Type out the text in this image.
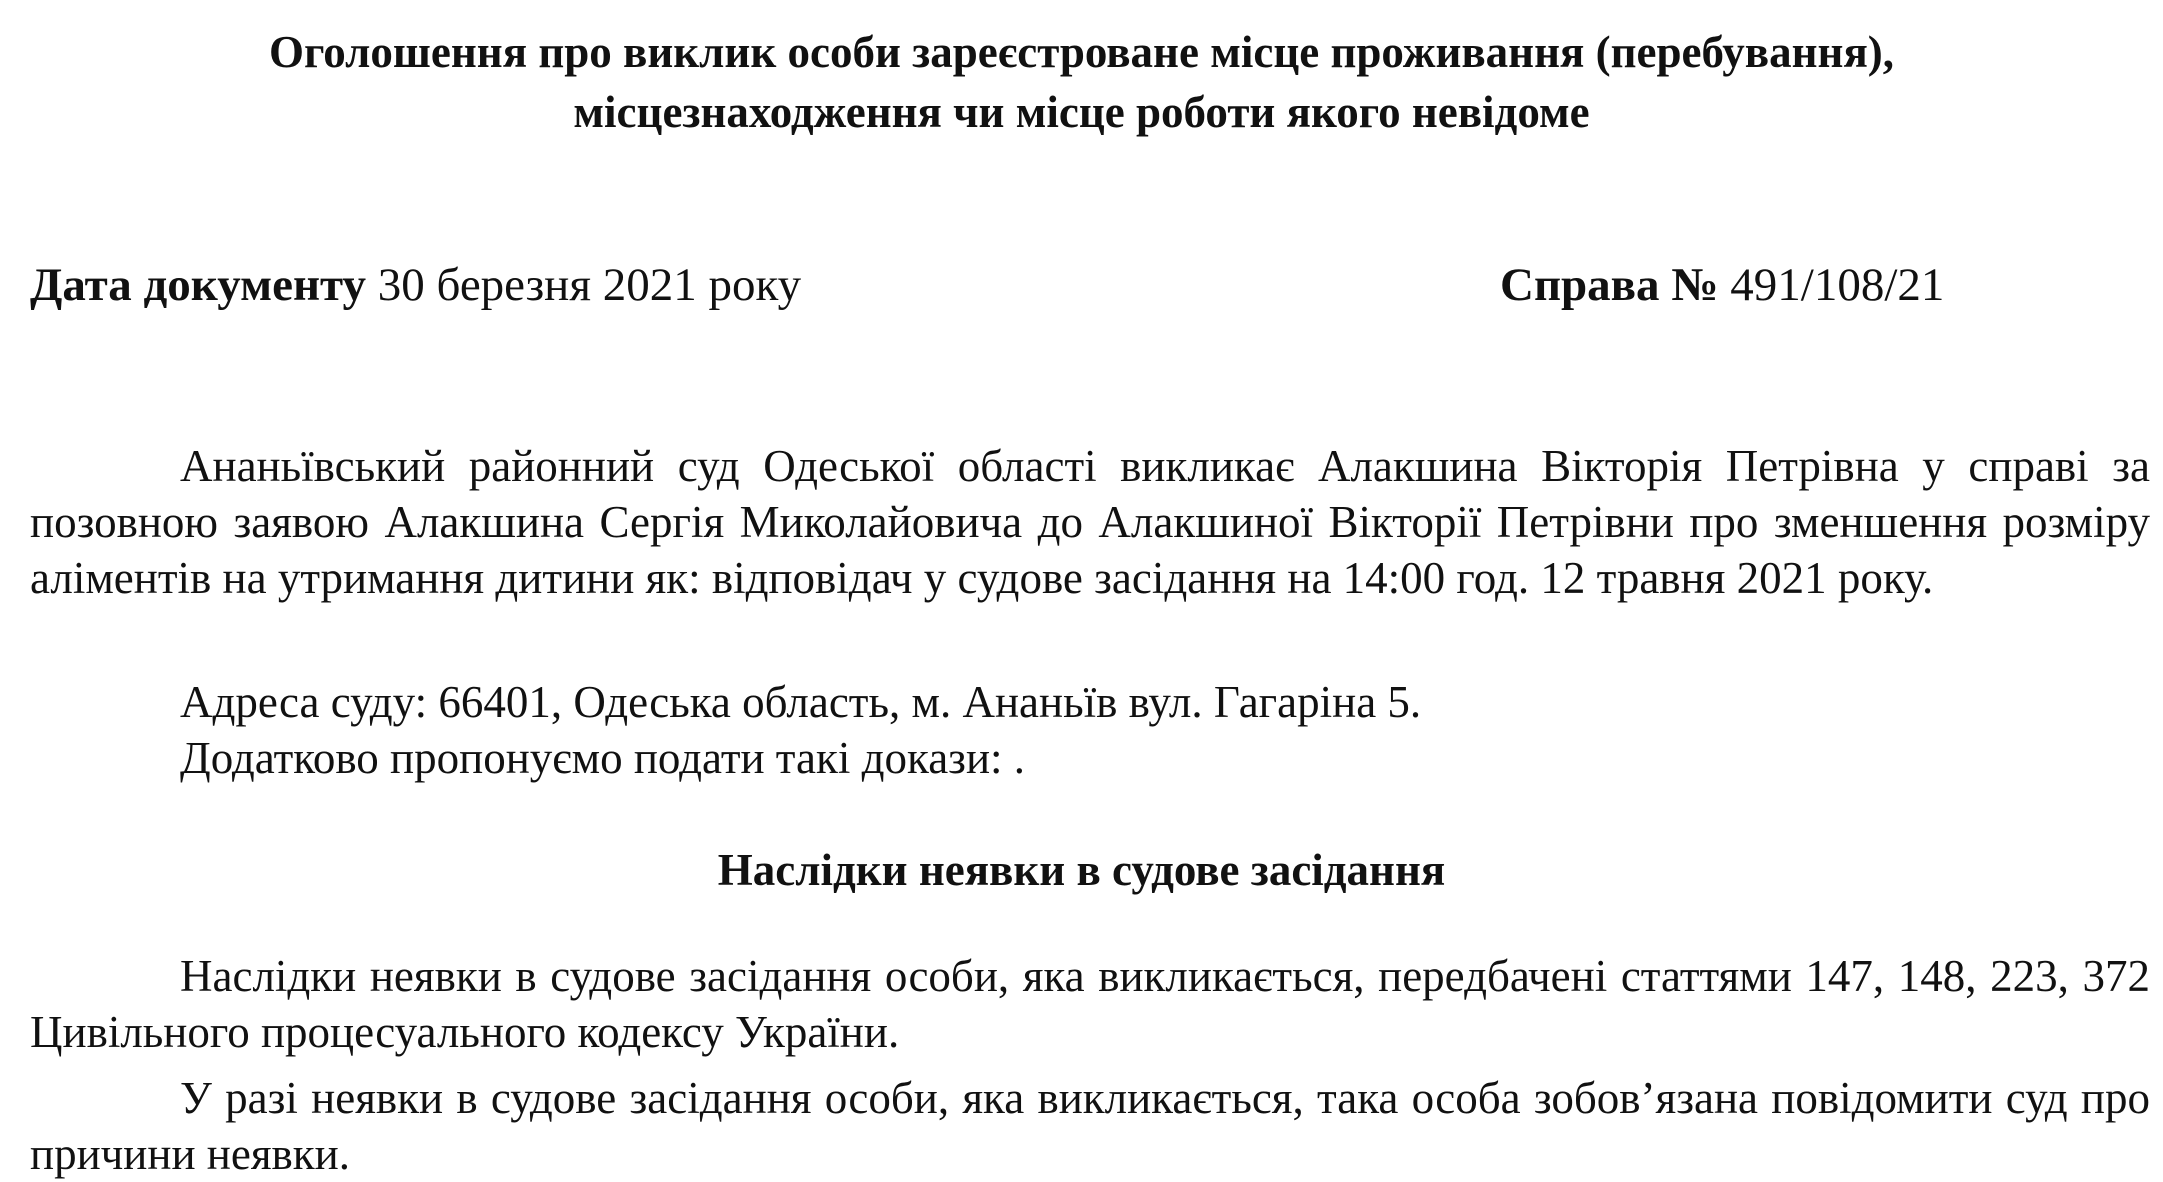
Оголошення про виклик особи зареєстроване місце проживання (перебування),
місцезнаходження чи місце роботи якого невідоме
Дата документу 30 березня 2021 року	Справа № 491/108/21

Ананьївський районний суд Одеської області викликає Алакшина Вікторія Петрівна у справі за позовною заявою Алакшина Сергія Миколайовича до Алакшиної Вікторії Петрівни про зменшення розміру аліментів на утримання дитини як: відповідач у судове засідання на 14:00 год. 12 травня 2021 року.

Адреса суду: 66401, Одеська область, м. Ананьїв вул. Гагаріна 5.
Додатково пропонуємо подати такі докази: .
Наслідки неявки в судове засідання

Наслідки неявки в судове засідання особи, яка викликається, передбачені статтями 147, 148, 223, 372 Цивільного процесуального кодексу України.

У разі неявки в судове засідання особи, яка викликається, така особа зобов’язана повідомити суд про причини неявки.
